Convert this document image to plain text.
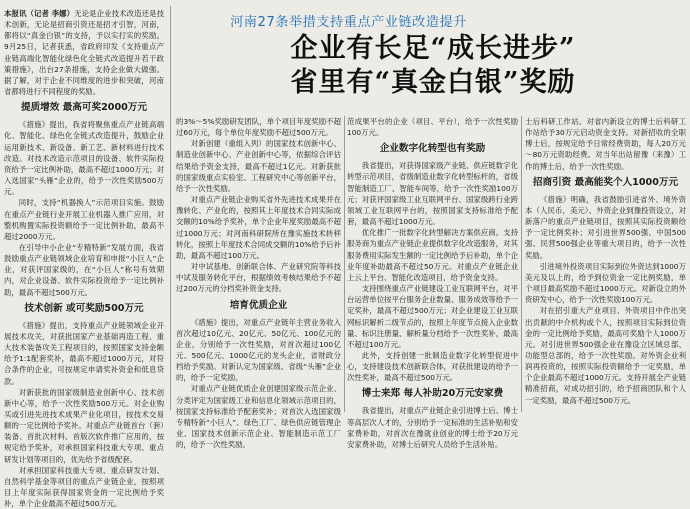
本报讯（记者 李娜）无论是企业技术改造还是技术创新，无论是招商引资还是招才引智，河南，都将以“真金白银”的支持，予以实打实的奖励。9月25日，记者获悉，省政府印发《支持重点产业链高端化智能化绿色化全链式改造提升若干政策措施》，出台27条措施，支持企业做大做强。据了解，对于企业不同维度的进步和突破，河南省都将进行不同程度的奖励。

提质增效 最高可奖2000万元

《措施》提出，我省将聚焦重点产业链高端化、智能化、绿色化全链式改造提升，鼓励企业运用新技术、新设备、新工艺、新材料进行技术改造。对技术改造示范项目的设备、软件实际投资给予一定比例补助，最高不超过1000万元；对入选国家“头雁”企业的，给予一次性奖励500万元。

同时，支持“机器换人”示范项目实施。鼓励在重点产业链行业开展工业机器人推广应用，对整机购置实际投资额给予一定比例补助，最高不超过2000万元。

在引导中小企业“专精特新”发展方面，我省鼓励重点产业链领域企业培育和申报“小巨人”企业，对获评国家级的，在“小巨人”称号有效期内，对企业设备、软件实际投资给予一定比例补助，最高不超过500万元。

技术创新 或可奖励500万元

《措施》提出，支持重点产业链领域企业开展技术攻关，对获批国家产业基础再造工程、重大技术装备攻关工程项目的，按照国家支持金额给予1:1配套奖补，最高不超过1000万元，对符合条件的企业，可按规定申请奖补资金和低息贷款。

对新获批的国家级制造业创新中心、技术创新中心等，给予一次性奖励500万元。对企业购买或引进先进技术成果产业化项目，按技术交易额的一定比例给予奖补。对重点产业链首台（套）装备、首批次材料、首版次软件推广应用的，按规定给予奖补，对承担国家科技重大专项、重点研发计划等项目的，优先给予省级配套。

对承担国家科技重大专项、重点研发计划、自然科学基金等项目的重点产业链企业，按照项目上年度实际获得国家资金的一定比例给予奖补，单个企业最高不超过500万元。

河南27条举措支持重点产业链改造提升
企业有长足“成长进步”
省里有“真金白银”奖励

的3%～5%奖励研发团队，单个项目年度奖励不超过60万元，每个单位年度奖励不超过500万元。

对新创建（重组入列）的国家技术创新中心、制造业创新中心、产业创新中心等，依据综合评估结果给予资金支持，最高不超过1亿元。对新获批的国家级重点实验室、工程研究中心等创新平台，给予一次性奖励。

对重点产业链企业购买省外先进技术成果并在豫转化、产业化的，按照其上年度技术合同实际成交额的10%给予奖补，单个企业年度奖励最高不超过1000万元；对河南科研院所在豫实施技术转移转化，按照上年度技术合同成交额的10%给予后补助，最高不超过100万元。

对中试基地、创新联合体、产业研究院等科技中试及服务转化平台，根据绩效考核结果给予不超过200万元的分档奖补资金支持。

培育优质企业

《措施》提出，对重点产业链年主营业务收入首次超过10亿元、20亿元、50亿元、100亿元的企业，分别给予一次性奖励，对首次超过100亿元、500亿元、1000亿元的龙头企业，省财政分档给予奖励。对新认定为国家级、省级“头雁”企业的，给予一定奖励。

对重点产业链优质企业创建国家级示范企业、分类评定为国家级工业和信息化领域示范项目的，按国家支持标准给予配套奖补；对首次入选国家级专精特新“小巨人”、绿色工厂、绿色供应链管理企业、国家技术创新示范企业、智能制造示范工厂的，给予一次性奖励。

范成果平台的企业（项目、平台），给予一次性奖励100万元。

企业数字化转型也有奖励

我省提出，对获得国家级产业链、供应链数字化转型示范项目，省级制造业数字化转型标杆的，省级智能制造工厂、智能车间等，给予一次性奖励100万元；对获评国家级工业互联网平台、国家级跨行业跨领域工业互联网平台的，按照国家支持标准给予配套，最高不超过1000万元。

优化推广一批数字化转型解决方案供应商。支持服务商为重点产业链企业提供数字化改造服务，对其服务费用实际发生额的一定比例给予后补助，单个企业年度补助最高不超过50万元。对重点产业链企业上云上平台、智能化改造项目，给予资金支持。

支持围绕重点产业链建设工业互联网平台，对平台运营单位按平台服务企业数量、服务成效等给予一定奖补，最高不超过500万元；对企业建设工业互联网标识解析二级节点的，按照上年度节点接入企业数量、标识注册量、解析量分档给予一次性奖补，最高不超过100万元。

此外，支持创建一批制造业数字化转型促进中心，支持建设技术创新联合体，对获批建设的给予一次性奖补，最高不超过500万元。

博士来郑 每人补助20万元安家费

我省提出，对重点产业链企业引进博士后、博士等高层次人才的，分别给予一定标准的生活补贴和安家费补助，对首次在豫就业创业的博士给予20万元安家费补助，对博士后研究人员给予生活补贴。

士后科研工作站。对省内新设立的博士后科研工作站给予30万元启动资金支持。对新招收的全职博士后，按规定给予日常经费资助，每人20万元～80万元资助经费。对当年出站留豫（来豫）工作的博士后，给予一次性奖励。

招商引资 最高能奖个人1000万元

《措施》明确，我省鼓励引进省外、境外资本（人民币，美元）、外资企业到豫投资设立，对新落户的重点产业链项目，按照其实际投资额给予一定比例奖补；对引进世界500强、中国500强、民营500强企业等重大项目的，给予一次性奖励。

引进境外投资项目实际到位外资达到1000万美元及以上的，给予到位资金一定比例奖励，单个项目最高奖励不超过1000万元。对新设立的外资研发中心，给予一次性奖励100万元。

对在招引重大产业项目、外资项目中作出突出贡献的中介机构或个人，按照项目实际到位资金的一定比例给予奖励，最高可奖励个人1000万元。对引进世界500强企业在豫设立区域总部、功能型总部的，给予一次性奖励。对外资企业利润再投资的，按照实际投资额给予一定奖励，单个企业最高不超过1000万元。支持开展全产业链精准招商，对成功招引的，给予招商团队和个人一定奖励，最高不超过500万元。
